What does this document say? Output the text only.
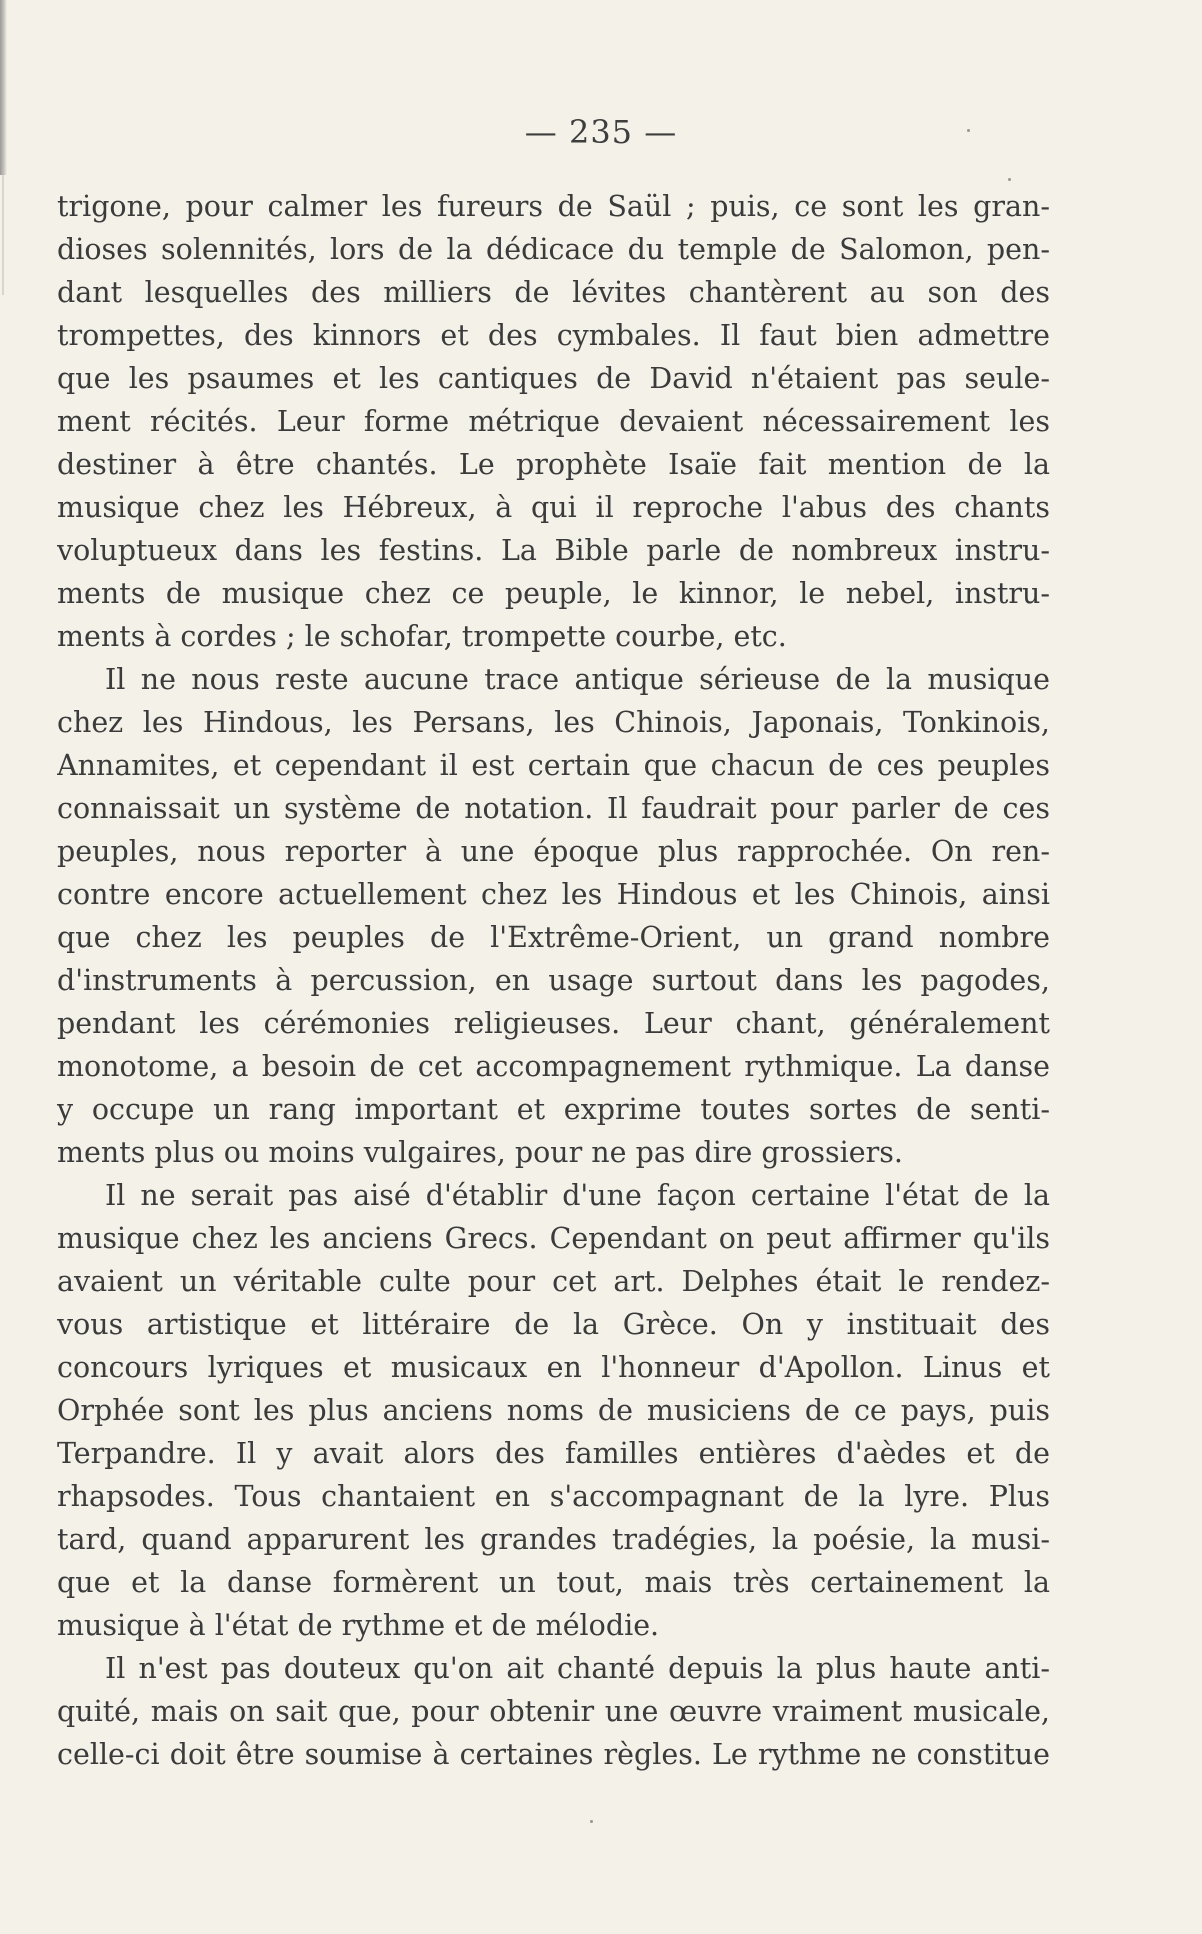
— 235 —
trigone, pour calmer les fureurs de Saül ; puis, ce sont les gran-
dioses solennités, lors de la dédicace du temple de Salomon, pen-
dant lesquelles des milliers de lévites chantèrent au son des
trompettes, des kinnors et des cymbales. Il faut bien admettre
que les psaumes et les cantiques de David n'étaient pas seule-
ment récités. Leur forme métrique devaient nécessairement les
destiner à être chantés. Le prophète Isaïe fait mention de la
musique chez les Hébreux, à qui il reproche l'abus des chants
voluptueux dans les festins. La Bible parle de nombreux instru-
ments de musique chez ce peuple, le kinnor, le nebel, instru-
ments à cordes ; le schofar, trompette courbe, etc.
Il ne nous reste aucune trace antique sérieuse de la musique
chez les Hindous, les Persans, les Chinois, Japonais, Tonkinois,
Annamites, et cependant il est certain que chacun de ces peuples
connaissait un système de notation. Il faudrait pour parler de ces
peuples, nous reporter à une époque plus rapprochée. On ren-
contre encore actuellement chez les Hindous et les Chinois, ainsi
que chez les peuples de l'Extrême-Orient, un grand nombre
d'instruments à percussion, en usage surtout dans les pagodes,
pendant les cérémonies religieuses. Leur chant, généralement
monotome, a besoin de cet accompagnement rythmique. La danse
y occupe un rang important et exprime toutes sortes de senti-
ments plus ou moins vulgaires, pour ne pas dire grossiers.
Il ne serait pas aisé d'établir d'une façon certaine l'état de la
musique chez les anciens Grecs. Cependant on peut affirmer qu'ils
avaient un véritable culte pour cet art. Delphes était le rendez-
vous artistique et littéraire de la Grèce. On y instituait des
concours lyriques et musicaux en l'honneur d'Apollon. Linus et
Orphée sont les plus anciens noms de musiciens de ce pays, puis
Terpandre. Il y avait alors des familles entières d'aèdes et de
rhapsodes. Tous chantaient en s'accompagnant de la lyre. Plus
tard, quand apparurent les grandes tradégies, la poésie, la musi-
que et la danse formèrent un tout, mais très certainement la
musique à l'état de rythme et de mélodie.
Il n'est pas douteux qu'on ait chanté depuis la plus haute anti-
quité, mais on sait que, pour obtenir une œuvre vraiment musicale,
celle-ci doit être soumise à certaines règles. Le rythme ne constitue
